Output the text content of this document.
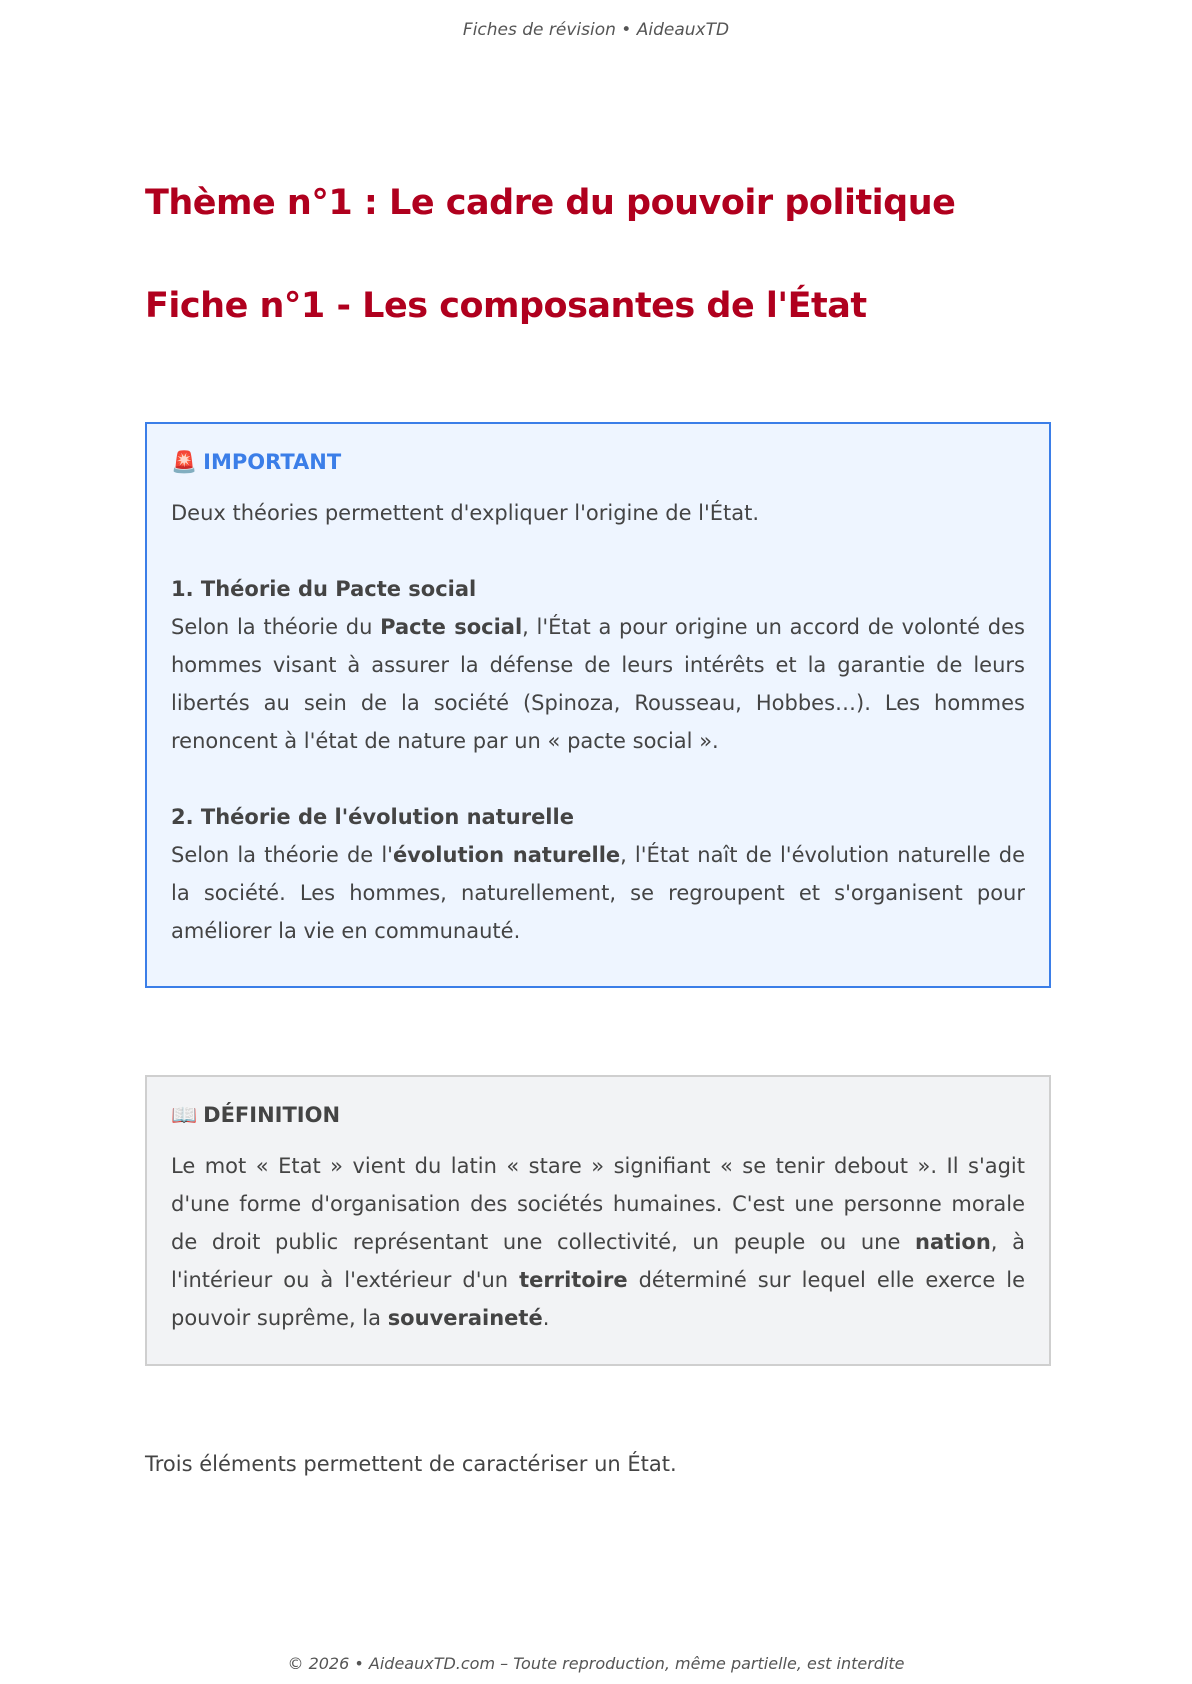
Fiches de révision • AideauxTD
Thème n°1 : Le cadre du pouvoir politique
Fiche n°1 - Les composantes de l'État
🚨 IMPORTANT

Deux théories permettent d'expliquer l'origine de l'État.

1. Théorie du Pacte social

Selon la théorie du Pacte social, l'État a pour origine un accord de volonté des hommes visant à assurer la défense de leurs intérêts et la garantie de leurs libertés au sein de la société (Spinoza, Rousseau, Hobbes…). Les hommes renoncent à l'état de nature par un « pacte social ».

2. Théorie de l'évolution naturelle

Selon la théorie de l'évolution naturelle, l'État naît de l'évolution naturelle de la société. Les hommes, naturellement, se regroupent et s'organisent pour améliorer la vie en communauté.

📖 DÉFINITION

Le mot « Etat » vient du latin « stare » signifiant « se tenir debout ». Il s'agit d'une forme d'organisation des sociétés humaines. C'est une personne morale de droit public représentant une collectivité, un peuple ou une nation, à l'intérieur ou à l'extérieur d'un territoire déterminé sur lequel elle exerce le pouvoir suprême, la souveraineté.

Trois éléments permettent de caractériser un État.
© 2026 • AideauxTD.com – Toute reproduction, même partielle, est interdite
